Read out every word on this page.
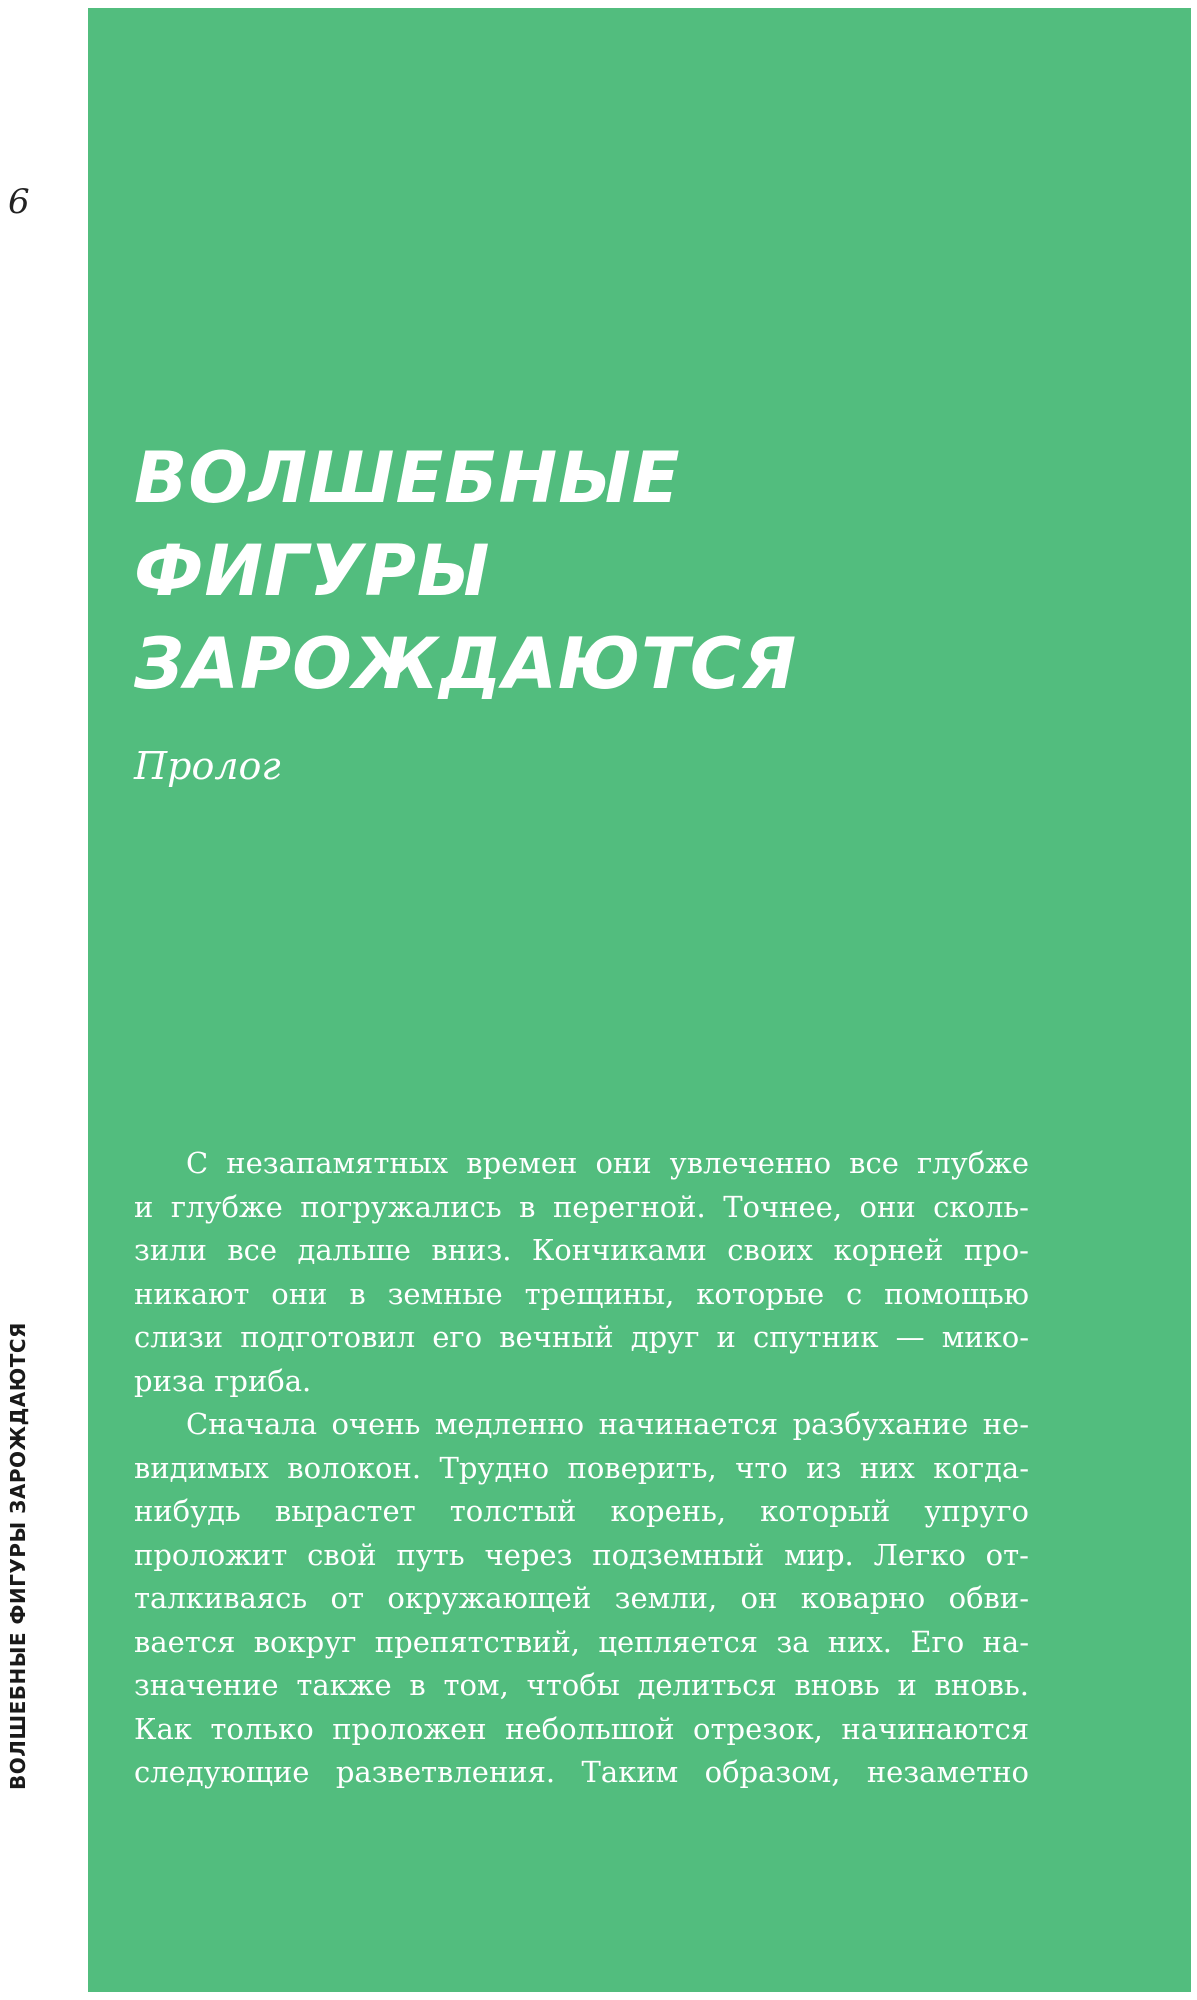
6
ВОЛШЕБНЫЕ ФИГУРЫ ЗАРОЖДАЮТСЯ
ВОЛШЕБНЫЕ
ФИГУРЫ
ЗАРОЖДАЮТСЯ
Пролог

С незапамятных времен они увлеченно все глубже
и глубже погружались в перегной. Точнее, они сколь-
зили все дальше вниз. Кончиками своих корней про-
никают они в земные трещины, которые с помощью
слизи подготовил его вечный друг и спутник — мико-
риза гриба.

Сначала очень медленно начинается разбухание не-
видимых волокон. Трудно поверить, что из них когда-
нибудь вырастет толстый корень, который упруго
проложит свой путь через подземный мир. Легко от-
талкиваясь от окружающей земли, он коварно обви-
вается вокруг препятствий, цепляется за них. Его на-
значение также в том, чтобы делиться вновь и вновь.
Как только проложен небольшой отрезок, начинаются
следующие разветвления. Таким образом, незаметно
